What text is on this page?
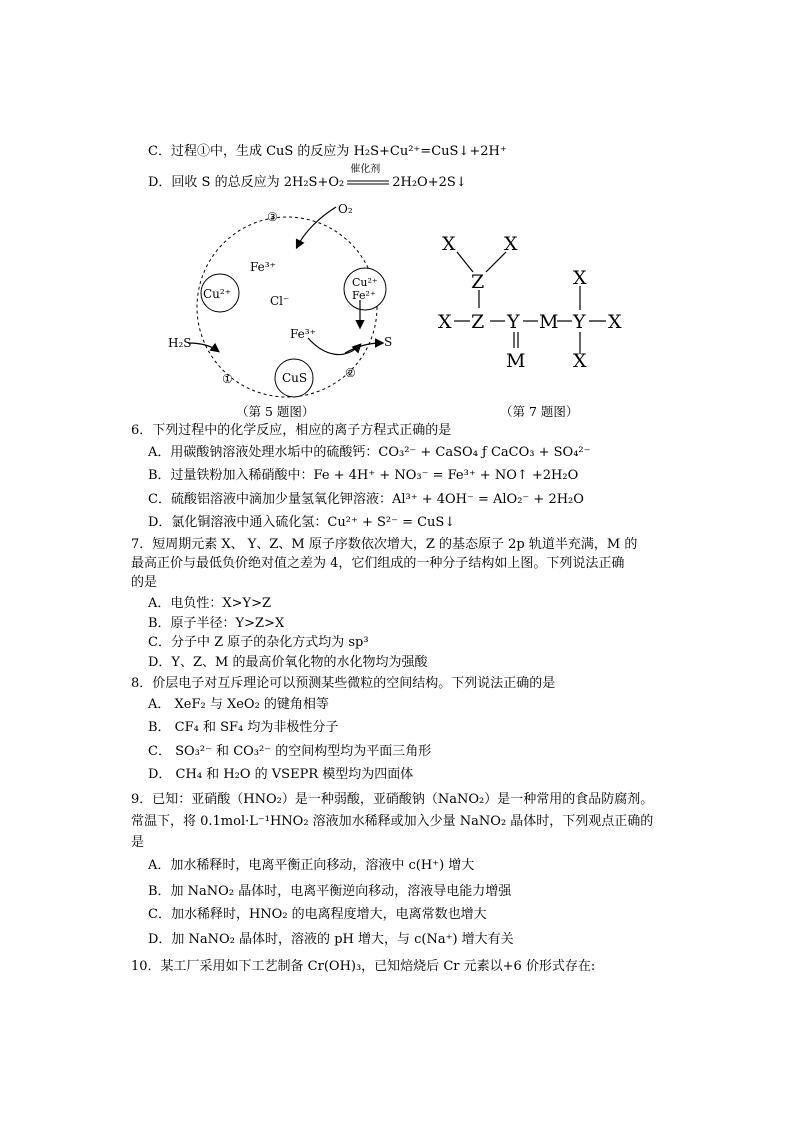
C．过程①中，生成 CuS 的反应为 H₂S+Cu²⁺=CuS↓+2H⁺
D．回收 S 的总反应为 2H₂S+O₂
催化剂
2H₂O+2S↓
③
O₂
Fe³⁺
Cu²⁺	Cl⁻
Cu²⁺
Fe²⁺
Fe³⁺
H₂S	S
①	CuS	②
（第 5 题图）
X	X
Z
X Z Y M Y X
M
X
X
（第 7 题图）
6．下列过程中的化学反应，相应的离子方程式正确的是
A．用碳酸钠溶液处理水垢中的硫酸钙：CO₃²⁻ + CaSO₄ ƒ CaCO₃ + SO₄²⁻
B．过量铁粉加入稀硝酸中：Fe + 4H⁺ + NO₃⁻ = Fe³⁺ + NO↑ +2H₂O
C．硫酸铝溶液中滴加少量氢氧化钾溶液：Al³⁺ + 4OH⁻ = AlO₂⁻ + 2H₂O
D．氯化铜溶液中通入硫化氢：Cu²⁺ + S²⁻ = CuS↓
7．短周期元素 X、 Y、Z、M 原子序数依次增大，Z 的基态原子 2p 轨道半充满，M 的
最高正价与最低负价绝对值之差为 4，它们组成的一种分子结构如上图。下列说法正确
的是
A．电负性：X>Y>Z
B．原子半径：Y>Z>X
C．分子中 Z 原子的杂化方式均为 sp³
D．Y、Z、M 的最高价氧化物的水化物均为强酸
8．价层电子对互斥理论可以预测某些微粒的空间结构。下列说法正确的是
A． XeF₂ 与 XeO₂ 的键角相等
B． CF₄ 和 SF₄ 均为非极性分子
C． SO₃²⁻ 和 CO₃²⁻ 的空间构型均为平面三角形
D． CH₄ 和 H₂O 的 VSEPR 模型均为四面体
9．已知：亚硝酸（HNO₂）是一种弱酸，亚硝酸钠（NaNO₂）是一种常用的食品防腐剂。
常温下，将 0.1mol·L⁻¹HNO₂ 溶液加水稀释或加入少量 NaNO₂ 晶体时，下列观点正确的
是
A．加水稀释时，电离平衡正向移动，溶液中 c(H⁺) 增大
B．加 NaNO₂ 晶体时，电离平衡逆向移动，溶液导电能力增强
C．加水稀释时，HNO₂ 的电离程度增大，电离常数也增大
D．加 NaNO₂ 晶体时，溶液的 pH 增大，与 c(Na⁺) 增大有关
10．某工厂采用如下工艺制备 Cr(OH)₃，已知焙烧后 Cr 元素以+6 价形式存在:
